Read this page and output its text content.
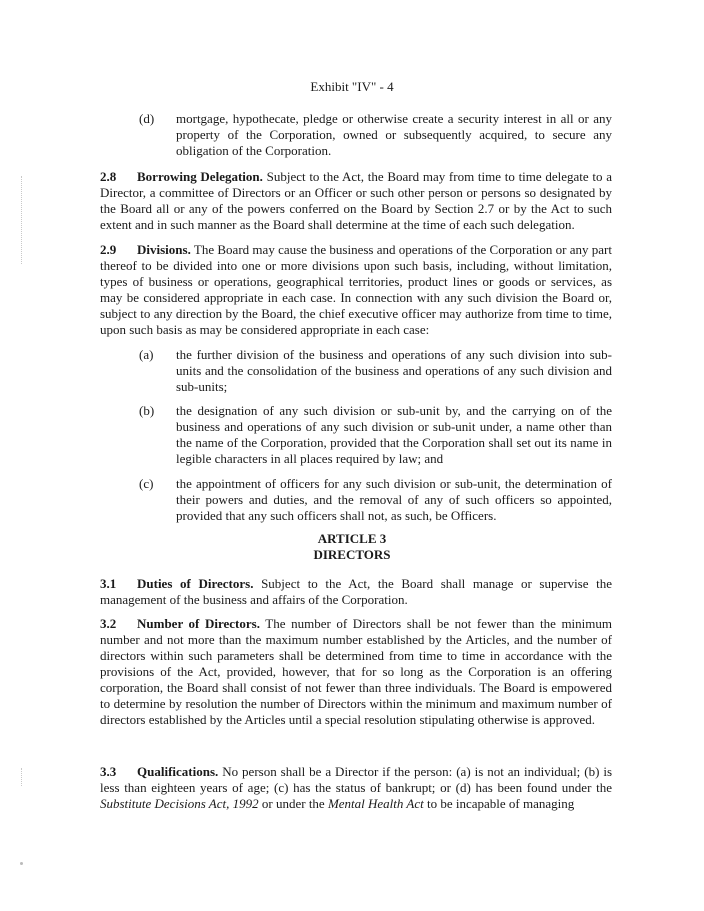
Exhibit "IV" - 4
(d)	mortgage, hypothecate, pledge or otherwise create a security interest in all or any property of the Corporation, owned or subsequently acquired, to secure any obligation of the Corporation.
2.8 Borrowing Delegation. Subject to the Act, the Board may from time to time delegate to a Director, a committee of Directors or an Officer or such other person or persons so designated by the Board all or any of the powers conferred on the Board by Section 2.7 or by the Act to such extent and in such manner as the Board shall determine at the time of each such delegation.
2.9 Divisions. The Board may cause the business and operations of the Corporation or any part thereof to be divided into one or more divisions upon such basis, including, without limitation, types of business or operations, geographical territories, product lines or goods or services, as may be considered appropriate in each case. In connection with any such division the Board or, subject to any direction by the Board, the chief executive officer may authorize from time to time, upon such basis as may be considered appropriate in each case:
(a)	the further division of the business and operations of any such division into sub-units and the consolidation of the business and operations of any such division and sub-units;
(b)	the designation of any such division or sub-unit by, and the carrying on of the business and operations of any such division or sub-unit under, a name other than the name of the Corporation, provided that the Corporation shall set out its name in legible characters in all places required by law; and
(c)	the appointment of officers for any such division or sub-unit, the determination of their powers and duties, and the removal of any of such officers so appointed, provided that any such officers shall not, as such, be Officers.
ARTICLE 3
DIRECTORS
3.1 Duties of Directors. Subject to the Act, the Board shall manage or supervise the management of the business and affairs of the Corporation.
3.2 Number of Directors. The number of Directors shall be not fewer than the minimum number and not more than the maximum number established by the Articles, and the number of directors within such parameters shall be determined from time to time in accordance with the provisions of the Act, provided, however, that for so long as the Corporation is an offering corporation, the Board shall consist of not fewer than three individuals. The Board is empowered to determine by resolution the number of Directors within the minimum and maximum number of directors established by the Articles until a special resolution stipulating otherwise is approved.
3.3 Qualifications. No person shall be a Director if the person: (a) is not an individual; (b) is less than eighteen years of age; (c) has the status of bankrupt; or (d) has been found under the Substitute Decisions Act, 1992 or under the Mental Health Act to be incapable of managing
